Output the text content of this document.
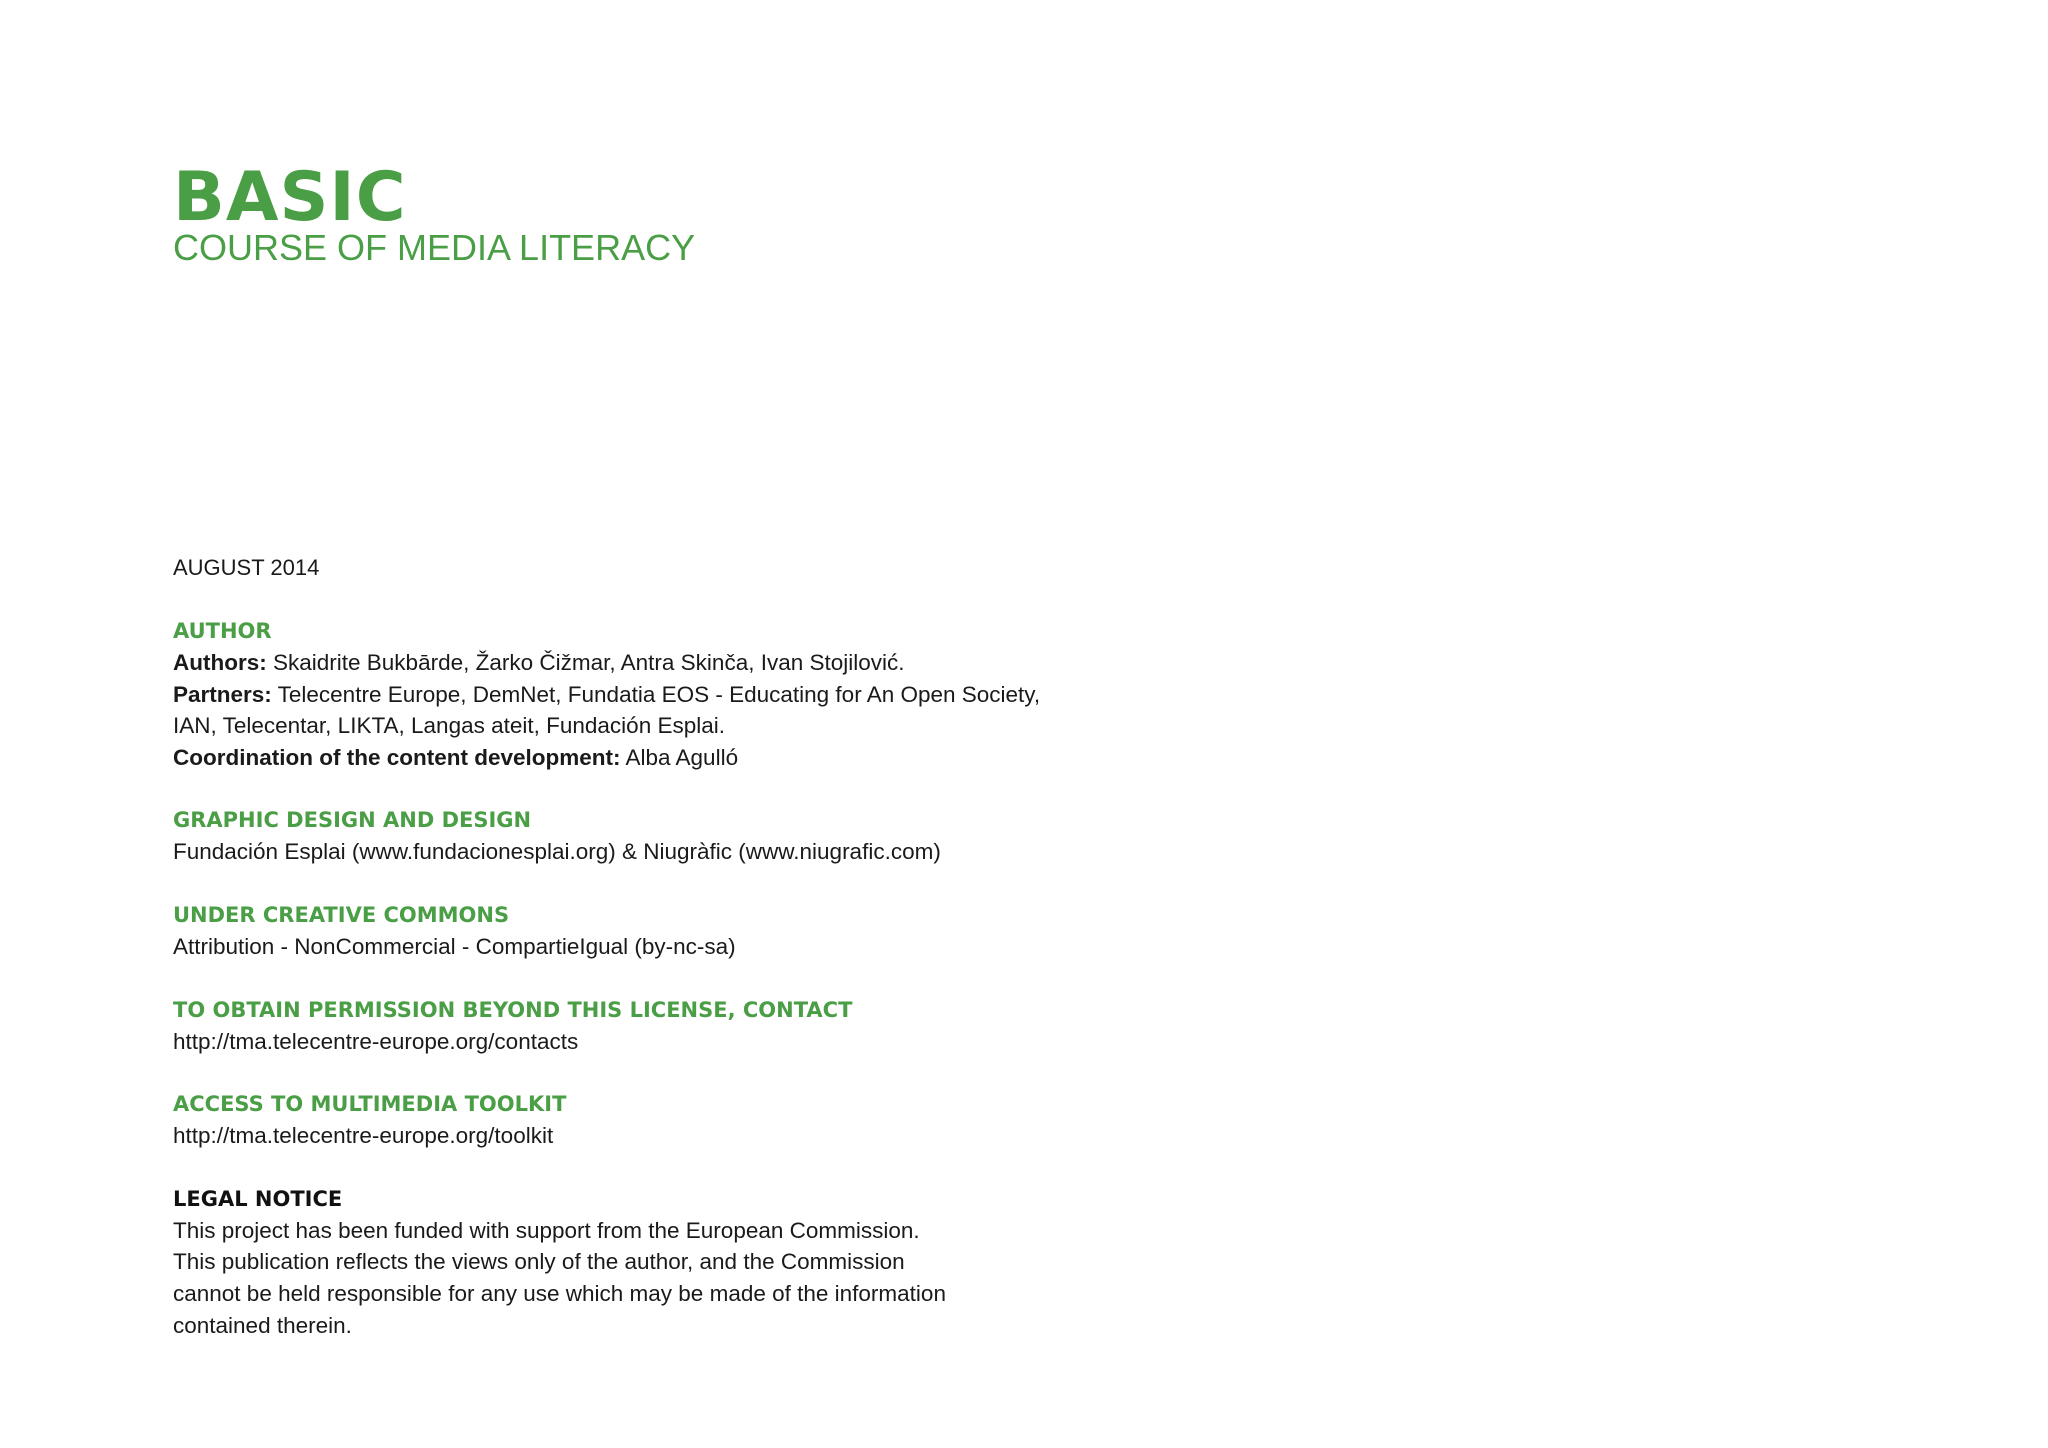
BASIC
COURSE OF MEDIA LITERACY
AUGUST 2014
AUTHOR
Authors: Skaidrite Bukbārde, Žarko Čižmar, Antra Skinča, Ivan Stojilović.
Partners: Telecentre Europe, DemNet, Fundatia EOS - Educating for An Open Society,
IAN, Telecentar, LIKTA, Langas ateit, Fundación Esplai.
Coordination of the content development: Alba Agulló
GRAPHIC DESIGN AND DESIGN
Fundación Esplai (www.fundacionesplai.org) & Niugràfic (www.niugrafic.com)
UNDER CREATIVE COMMONS
Attribution - NonCommercial - CompartieIgual (by-nc-sa)
TO OBTAIN PERMISSION BEYOND THIS LICENSE, CONTACT
http://tma.telecentre-europe.org/contacts
ACCESS TO MULTIMEDIA TOOLKIT
http://tma.telecentre-europe.org/toolkit
LEGAL NOTICE
This project has been funded with support from the European Commission.
This publication reflects the views only of the author, and the Commission
cannot be held responsible for any use which may be made of the information
contained therein.
